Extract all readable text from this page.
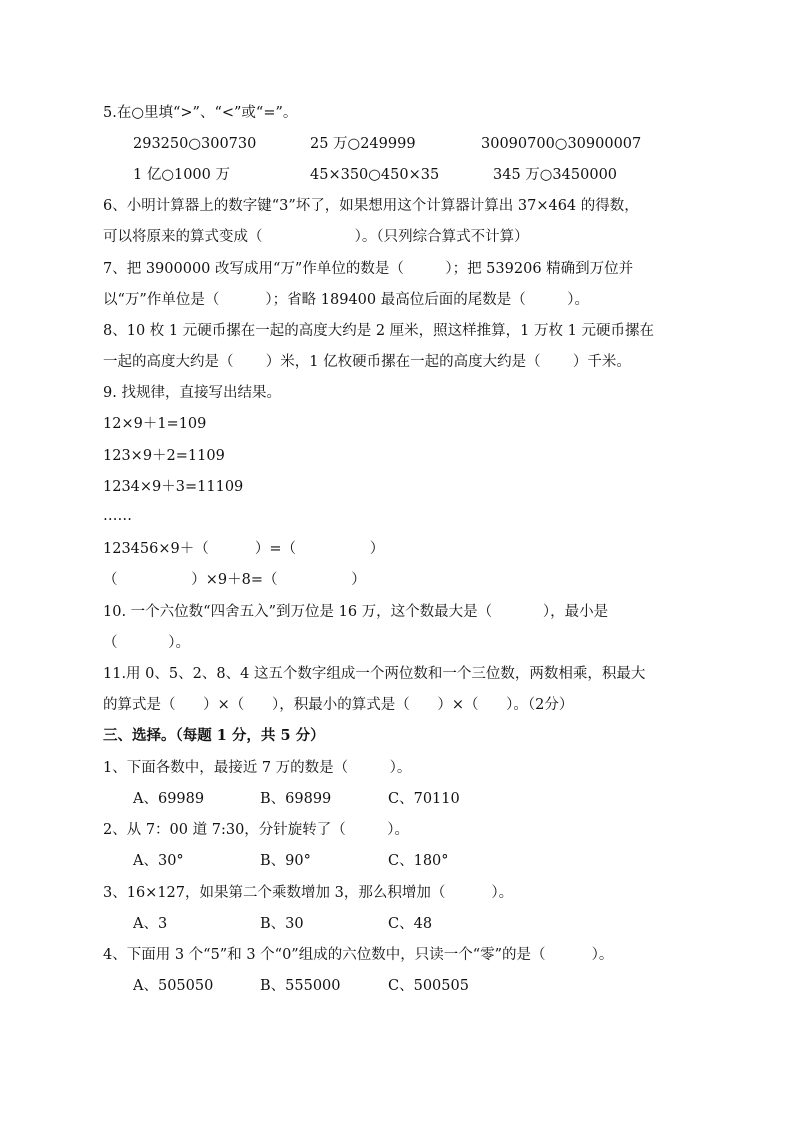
5.在○里填“>”、“<”或“=”。
293250○300730	25 万○249999	30090700○30900007
1 亿○1000 万	45×350○450×35	345 万○3450000
6、小明计算器上的数字键“3”坏了，如果想用这个计算器计算出 37×464 的得数，
可以将原来的算式变成（                    ）。（只列综合算式不计算）
7、把 3900000 改写成用“万”作单位的数是（         ）；把 539206 精确到万位并
以“万”作单位是（          ）；省略 189400 最高位后面的尾数是（         ）。
8、10 枚 1 元硬币摞在一起的高度大约是 2 厘米，照这样推算，1 万枚 1 元硬币摞在
一起的高度大约是（       ）米，1 亿枚硬币摞在一起的高度大约是（       ）千米。
9. 找规律，直接写出结果。
12×9＋1=109
123×9＋2=1109
1234×9＋3=11109
……
123456×9＋（          ）=（                ）
（                ）×9＋8=（                ）
10. 一个六位数“四舍五入”到万位是 16 万，这个数最大是（           ），最小是
（           ）。
11.用 0、5、2、8、4 这五个数字组成一个两位数和一个三位数，两数相乘，积最大
的算式是（      ）×（      ），积最小的算式是（      ）×（      ）。（2分）
三、选择。（每题 1 分，共 5 分）
1、下面各数中，最接近 7 万的数是（         ）。
A、69989	B、69899	C、70110
2、从 7：00 道 7:30，分针旋转了（         ）。
A、30°	B、90°	C、180°
3、16×127，如果第二个乘数增加 3，那么积增加（          ）。
A、3	B、30	C、48
4、下面用 3 个“5”和 3 个“0”组成的六位数中，只读一个“零”的是（          ）。
A、505050	B、555000	C、500505
